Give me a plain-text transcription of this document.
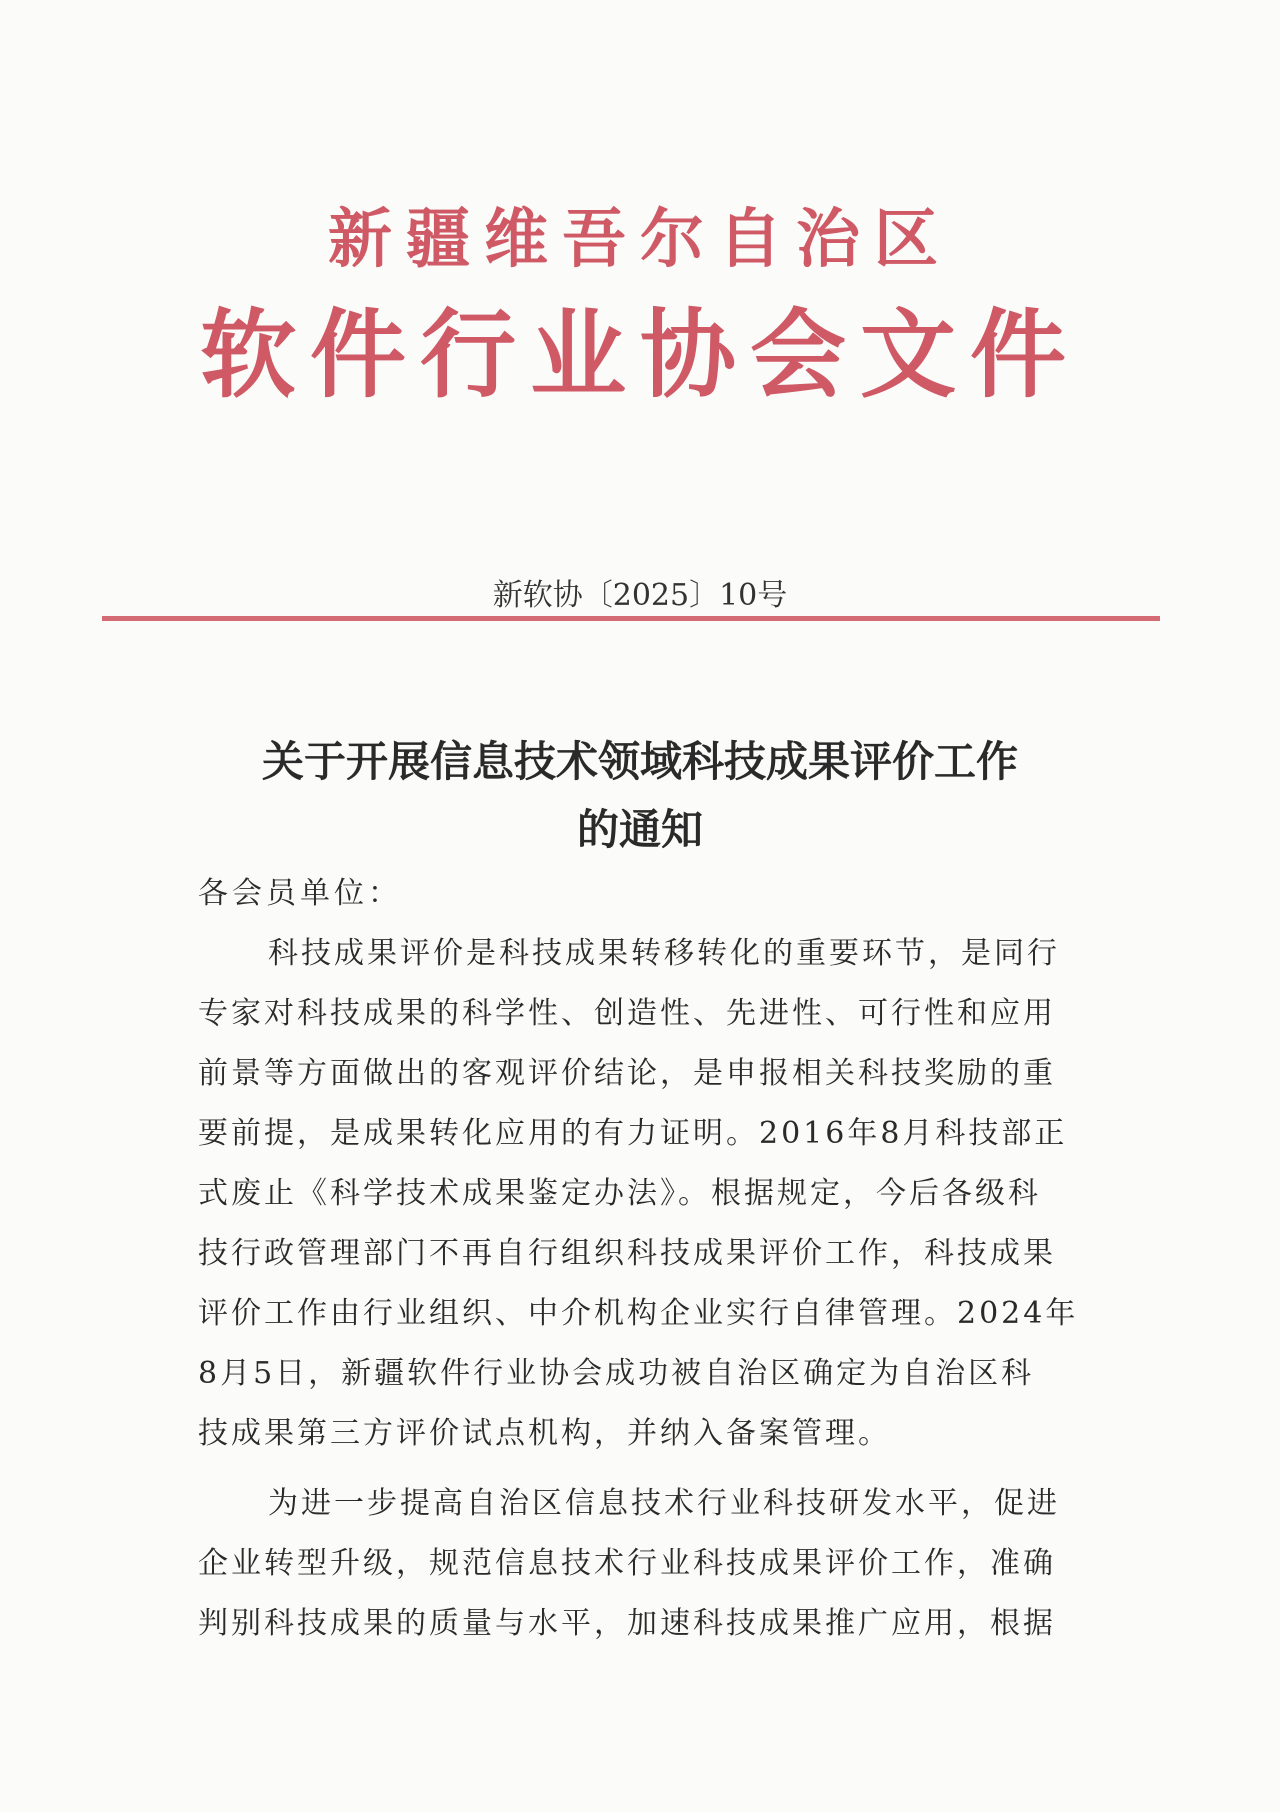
新疆维吾尔自治区
软件行业协会文件
新软协〔2025〕10号
关于开展信息技术领域科技成果评价工作
的通知
各会员单位：
科技成果评价是科技成果转移转化的重要环节，是同行
专家对科技成果的科学性、创造性、先进性、可行性和应用
前景等方面做出的客观评价结论，是申报相关科技奖励的重
要前提，是成果转化应用的有力证明。2016年8月科技部正
式废止《科学技术成果鉴定办法》。根据规定，今后各级科
技行政管理部门不再自行组织科技成果评价工作，科技成果
评价工作由行业组织、中介机构企业实行自律管理。2024年
8月5日，新疆软件行业协会成功被自治区确定为自治区科
技成果第三方评价试点机构，并纳入备案管理。
为进一步提高自治区信息技术行业科技研发水平，促进
企业转型升级，规范信息技术行业科技成果评价工作，准确
判别科技成果的质量与水平，加速科技成果推广应用，根据
